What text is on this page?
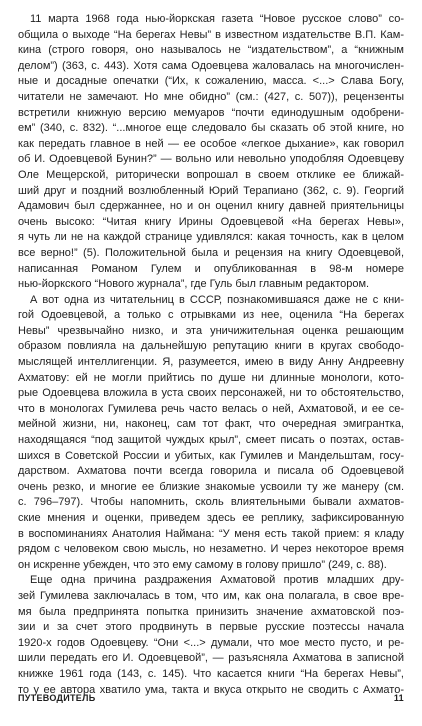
11 марта 1968 года нью-йоркская газета “Новое русское слово” со-
общила о выходе “На берегах Невы” в известном издательстве В.П. Кам-
кина (строго говоря, оно называлось не “издательством”, а “книжным
делом”) (363, с. 443). Хотя сама Одоевцева жаловалась на многочислен-
ные и досадные опечатки (“Их, к сожалению, масса. <...> Слава Богу,
читатели не замечают. Но мне обидно” (см.: (427, с. 507)), рецензенты
встретили книжную версию мемуаров “почти единодушным одобрени-
ем” (340, с. 832). “...многое еще следовало бы сказать об этой книге, но
как передать главное в ней — ее особое «легкое дыхание», как говорил
об И. Одоевцевой Бунин?” — вольно или невольно уподобляя Одоевцеву
Оле Мещерской, риторически вопрошал в своем отклике ее ближай-
ший друг и поздний возлюбленный Юрий Терапиано (362, с. 9). Георгий
Адамович был сдержаннее, но и он оценил книгу давней приятельницы
очень высоко: “Читая книгу Ирины Одоевцевой «На берегах Невы»,
я чуть ли не на каждой странице удивлялся: какая точность, как в целом
все верно!” (5). Положительной была и рецензия на книгу Одоевцевой,
написанная Романом Гулем и опубликованная в 98-м номере
нью-йоркского “Нового журнала”, где Гуль был главным редактором.
А вот одна из читательниц в СССР, познакомившаяся даже не с кни-
гой Одоевцевой, а только с отрывками из нее, оценила “На берегах
Невы” чрезвычайно низко, и эта уничижительная оценка решающим
образом повлияла на дальнейшую репутацию книги в кругах свободо-
мыслящей интеллигенции. Я, разумеется, имею в виду Анну Андреевну
Ахматову: ей не могли прийтись по душе ни длинные монологи, кото-
рые Одоевцева вложила в уста своих персонажей, ни то обстоятельство,
что в монологах Гумилева речь часто велась о ней, Ахматовой, и ее се-
мейной жизни, ни, наконец, сам тот факт, что очередная эмигрантка,
находящаяся “под защитой чуждых крыл”, смеет писать о поэтах, остав-
шихся в Советской России и убитых, как Гумилев и Мандельштам, госу-
дарством. Ахматова почти всегда говорила и писала об Одоевцевой
очень резко, и многие ее близкие знакомые усвоили ту же манеру (см.
с. 796–797). Чтобы напомнить, сколь влиятельными бывали ахматов-
ские мнения и оценки, приведем здесь ее реплику, зафиксированную
в воспоминаниях Анатолия Наймана: “У меня есть такой прием: я кладу
рядом с человеком свою мысль, но незаметно. И через некоторое время
он искренне убежден, что это ему самому в голову пришло” (249, с. 88).
Еще одна причина раздражения Ахматовой против младших дру-
зей Гумилева заключалась в том, что им, как она полагала, в свое вре-
мя была предпринята попытка принизить значение ахматовской поэ-
зии и за счет этого продвинуть в первые русские поэтессы начала
1920-х годов Одоевцеву. “Они <...> думали, что мое место пусто, и ре-
шили передать его И. Одоевцевой”, — разъясняла Ахматова в записной
книжке 1961 года (143, с. 145). Что касается книги “На берегах Невы”,
то у ее автора хватило ума, такта и вкуса открыто не сводить с Ахмато-
ПУТЕВОДИТЕЛЬ	11
